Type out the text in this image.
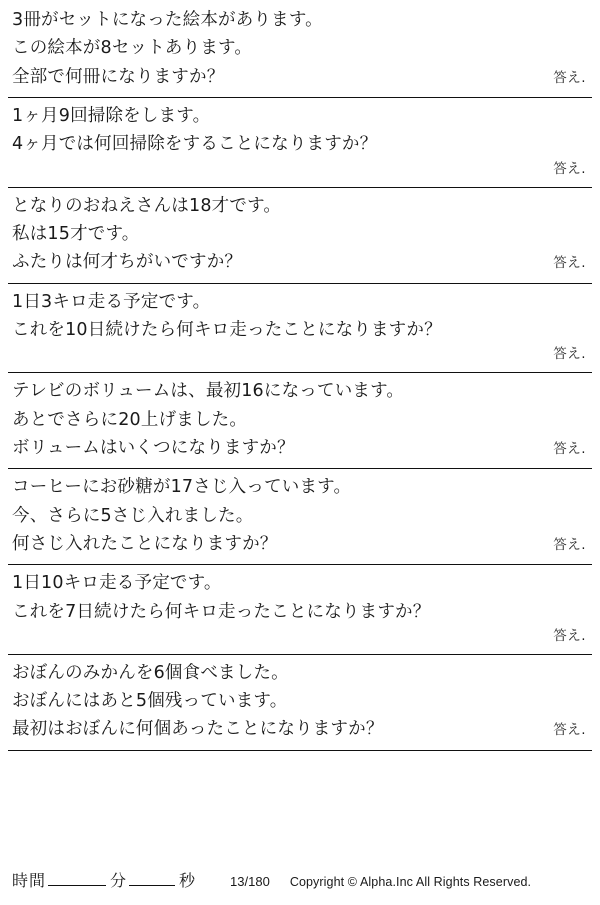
3冊がセットになった絵本があります。
この絵本が8セットあります。
全部で何冊になりますか？	答え.
1ヶ月9回掃除をします。
4ヶ月では何回掃除をすることになりますか？
答え.
となりのおねえさんは18才です。
私は15才です。
ふたりは何才ちがいですか？	答え.
1日3キロ走る予定です。
これを10日続けたら何キロ走ったことになりますか？
答え.
テレビのボリュームは、最初16になっています。
あとでさらに20上げました。
ボリュームはいくつになりますか？	答え.
コーヒーにお砂糖が17さじ入っています。
今、さらに5さじ入れました。
何さじ入れたことになりますか？	答え.
1日10キロ走る予定です。
これを7日続けたら何キロ走ったことになりますか？
答え.
おぼんのみかんを6個食べました。
おぼんにはあと5個残っています。
最初はおぼんに何個あったことになりますか？	答え.
時間	分	秒	13/180 Copyright © Alpha.Inc All Rights Reserved.
